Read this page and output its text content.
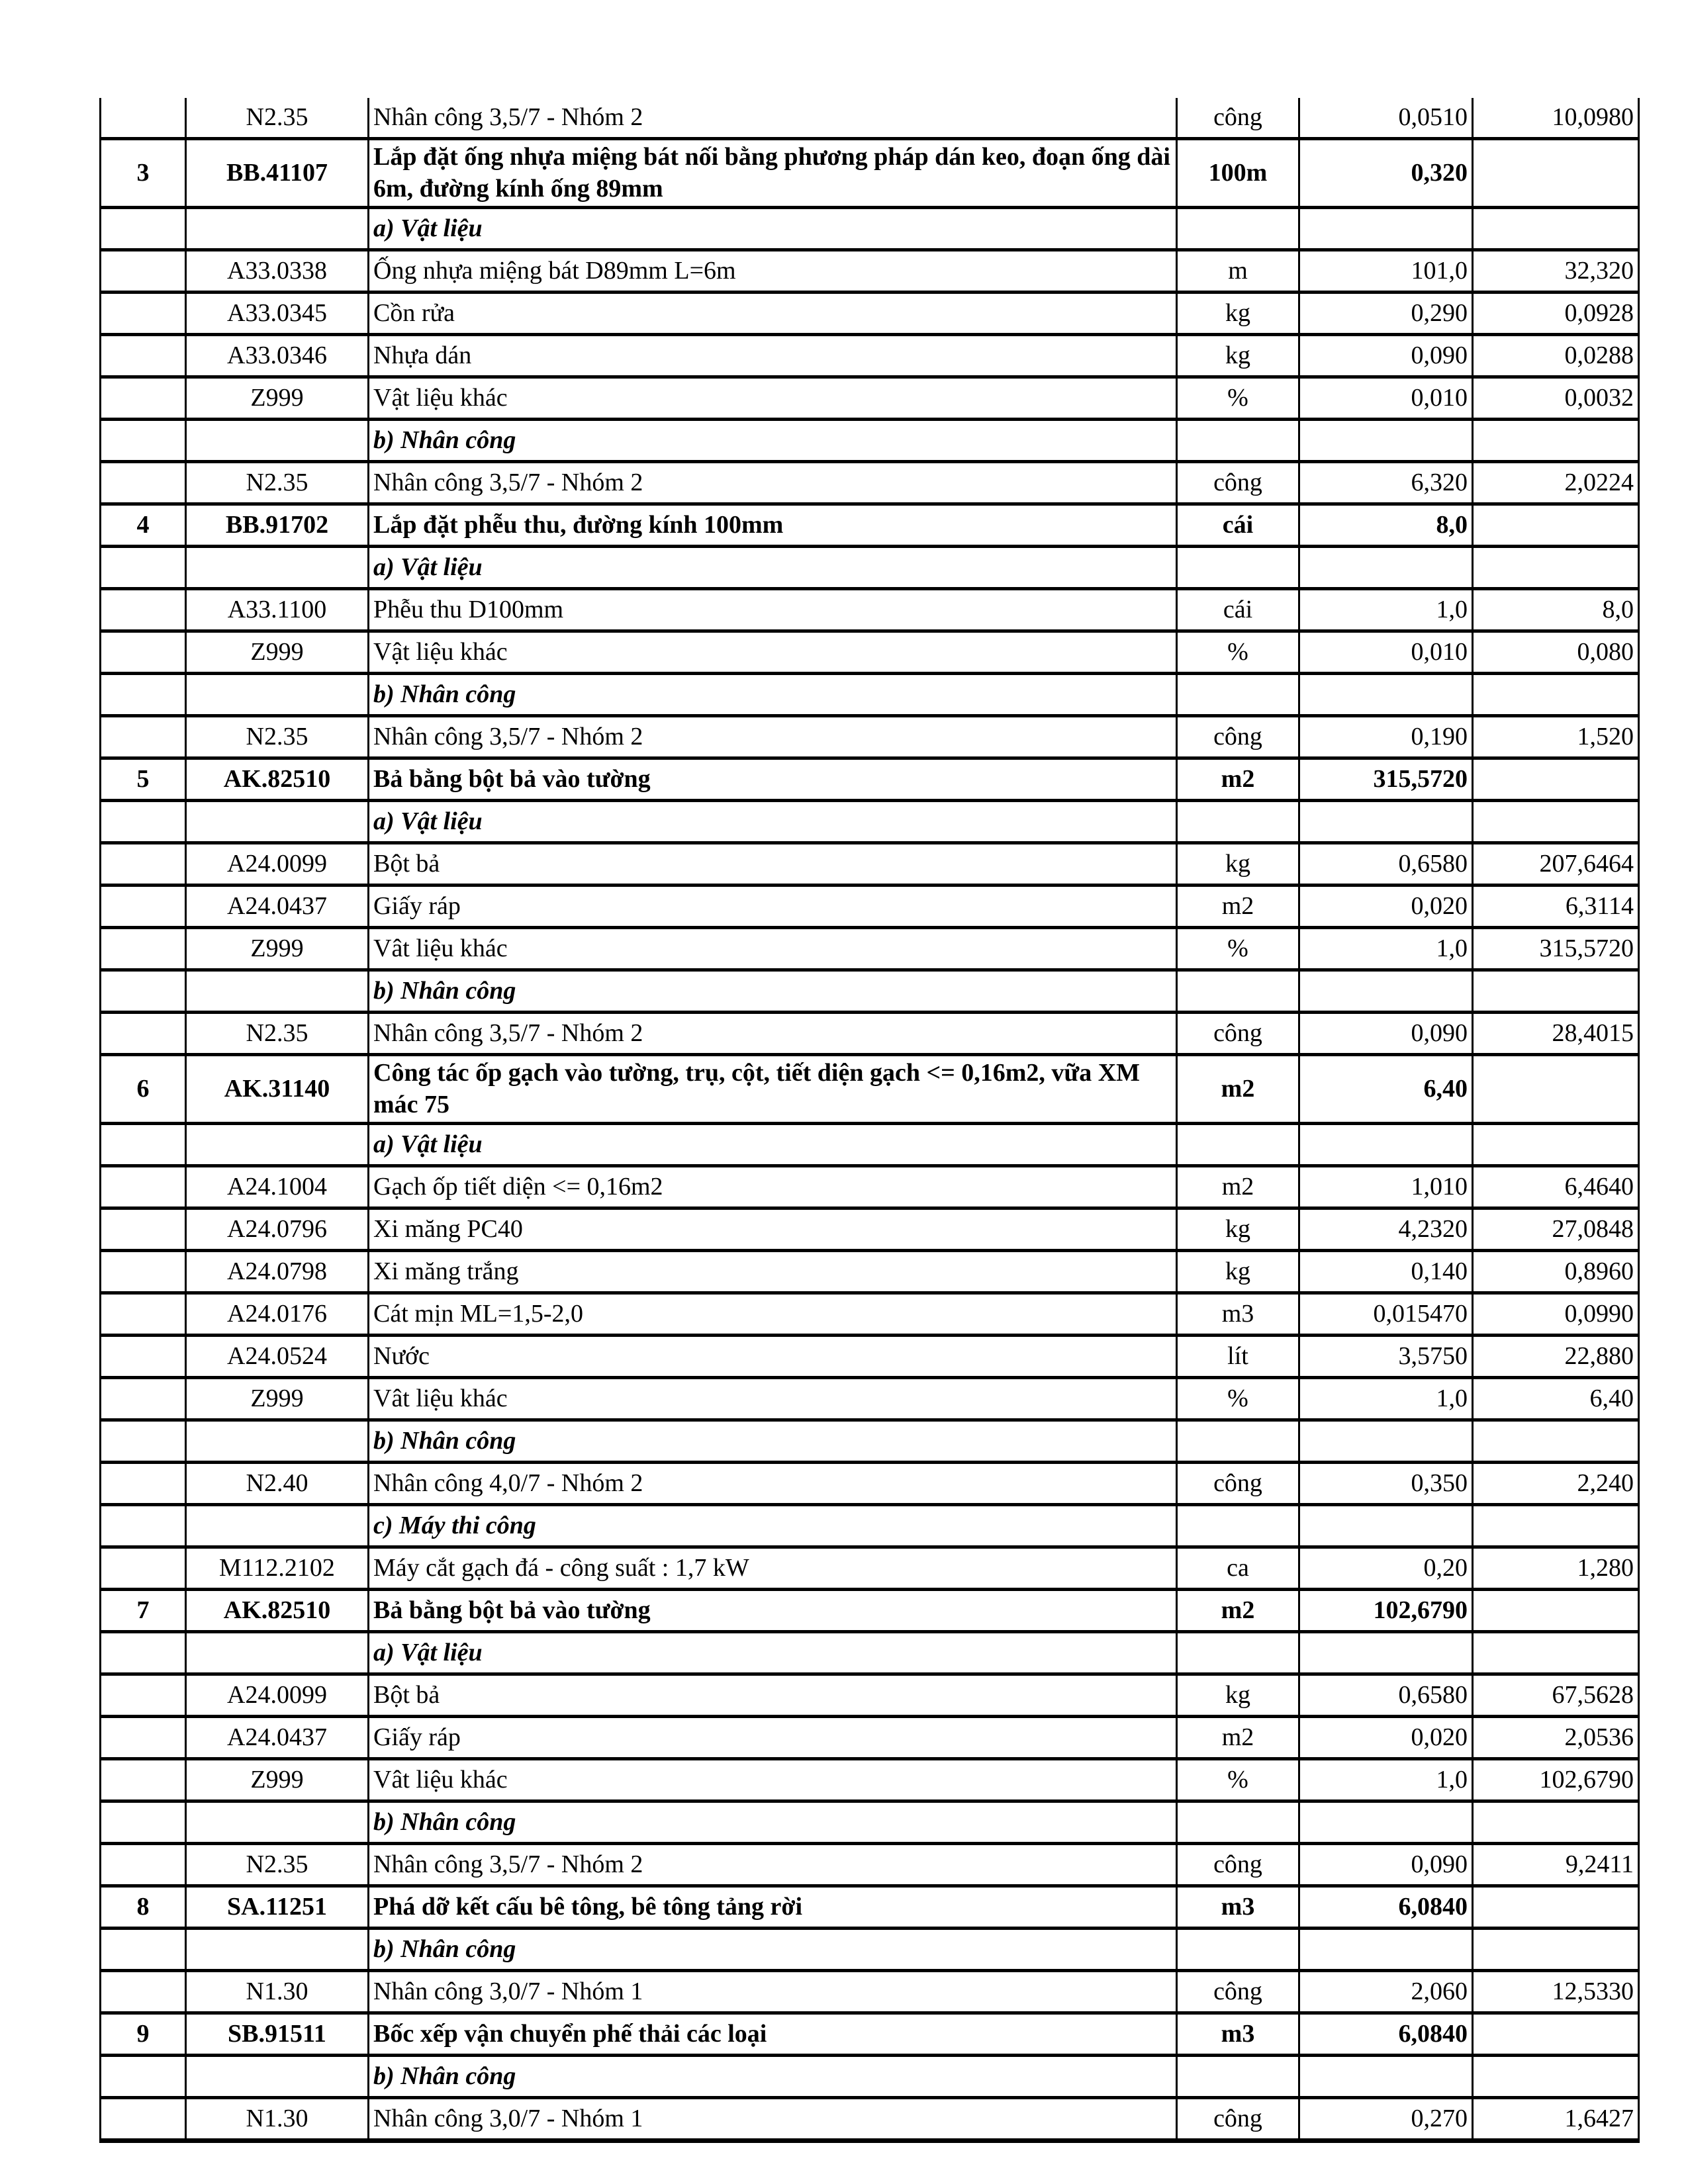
	N2.35	Nhân công 3,5/7 - Nhóm 2	công	0,0510	10,0980
3	BB.41107	Lắp đặt ống nhựa miệng bát nối bằng phương pháp dán keo, đoạn ống dài 6m, đường kính ống 89mm	100m	0,320	
		a) Vật liệu			
	A33.0338	Ống nhựa miệng bát D89mm L=6m	m	101,0	32,320
	A33.0345	Cồn rửa	kg	0,290	0,0928
	A33.0346	Nhựa dán	kg	0,090	0,0288
	Z999	Vật liệu khác	%	0,010	0,0032
		b) Nhân công			
	N2.35	Nhân công 3,5/7 - Nhóm 2	công	6,320	2,0224
4	BB.91702	Lắp đặt phễu thu, đường kính 100mm	cái	8,0	
		a) Vật liệu			
	A33.1100	Phễu thu D100mm	cái	1,0	8,0
	Z999	Vật liệu khác	%	0,010	0,080
		b) Nhân công			
	N2.35	Nhân công 3,5/7 - Nhóm 2	công	0,190	1,520
5	AK.82510	Bả bằng bột bả vào tường	m2	315,5720	
		a) Vật liệu			
	A24.0099	Bột bả	kg	0,6580	207,6464
	A24.0437	Giấy ráp	m2	0,020	6,3114
	Z999	Vât liệu khác	%	1,0	315,5720
		b) Nhân công			
	N2.35	Nhân công 3,5/7 - Nhóm 2	công	0,090	28,4015
6	AK.31140	Công tác ốp gạch vào tường, trụ, cột, tiết diện gạch <= 0,16m2, vữa XM mác 75	m2	6,40	
		a) Vật liệu			
	A24.1004	Gạch ốp tiết diện <= 0,16m2	m2	1,010	6,4640
	A24.0796	Xi măng PC40	kg	4,2320	27,0848
	A24.0798	Xi măng trắng	kg	0,140	0,8960
	A24.0176	Cát mịn ML=1,5-2,0	m3	0,015470	0,0990
	A24.0524	Nước	lít	3,5750	22,880
	Z999	Vât liệu khác	%	1,0	6,40
		b) Nhân công			
	N2.40	Nhân công 4,0/7 - Nhóm 2	công	0,350	2,240
		c) Máy thi công			
	M112.2102	Máy cắt gạch đá - công suất : 1,7 kW	ca	0,20	1,280
7	AK.82510	Bả bằng bột bả vào tường	m2	102,6790	
		a) Vật liệu			
	A24.0099	Bột bả	kg	0,6580	67,5628
	A24.0437	Giấy ráp	m2	0,020	2,0536
	Z999	Vât liệu khác	%	1,0	102,6790
		b) Nhân công			
	N2.35	Nhân công 3,5/7 - Nhóm 2	công	0,090	9,2411
8	SA.11251	Phá dỡ kết cấu bê tông, bê tông tảng rời	m3	6,0840	
		b) Nhân công			
	N1.30	Nhân công 3,0/7 - Nhóm 1	công	2,060	12,5330
9	SB.91511	Bốc xếp vận chuyển phế thải các loại	m3	6,0840	
		b) Nhân công			
	N1.30	Nhân công 3,0/7 - Nhóm 1	công	0,270	1,6427
